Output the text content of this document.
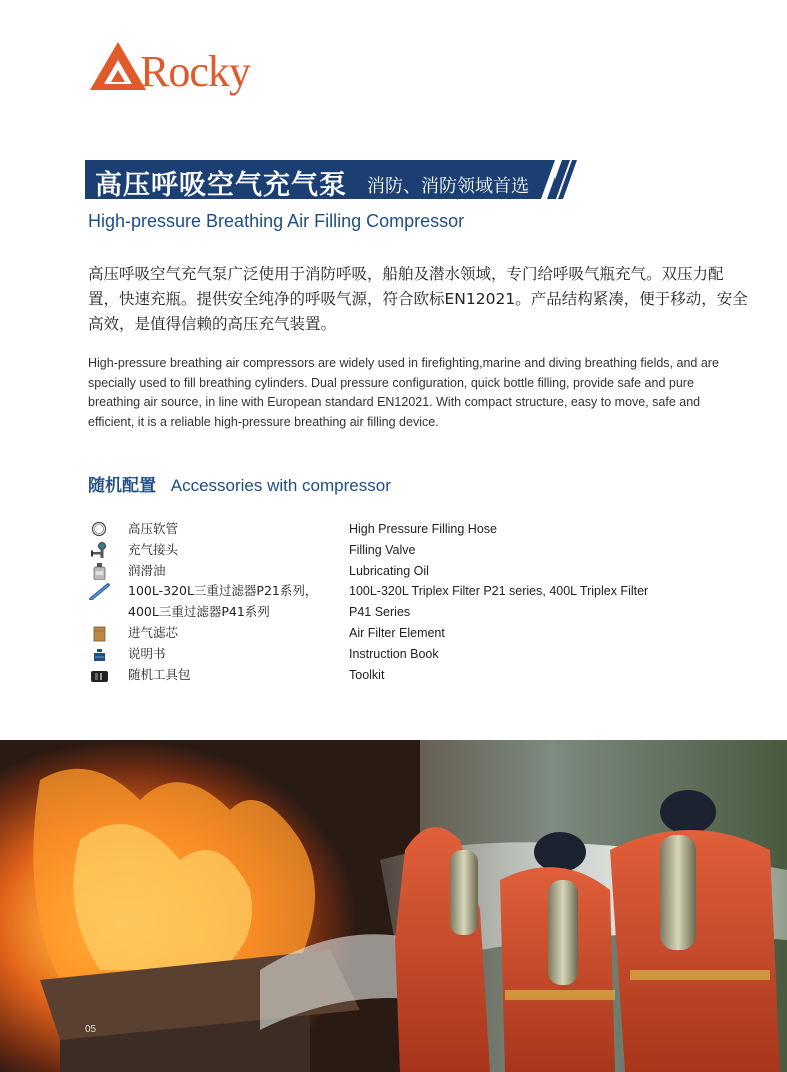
Rocky
高压呼吸空气充气泵 消防、消防领域首选
High-pressure Breathing Air Filling Compressor

高压呼吸空气充气泵广泛使用于消防呼吸，船舶及潜水领域，专门给呼吸气瓶充气。双压力配置，快速充瓶。提供安全纯净的呼吸气源，符合欧标EN12021。产品结构紧凑，便于移动，安全高效，是值得信赖的高压充气装置。

High-pressure breathing air compressors are widely used in firefighting,marine and diving breathing fields, and are specially used to fill breathing cylinders. Dual pressure configuration, quick bottle filling, provide safe and pure breathing air source, in line with European standard EN12021. With compact structure, easy to move, safe and efficient, it is a reliable high-pressure breathing air filling device.

随机配置 Accessories with compressor
高压软管	High Pressure Filling Hose
充气接头	Filling Valve
润滑油	Lubricating Oil
100L-320L三重过滤器P21系列，	100L-320L Triplex Filter P21 series, 400L Triplex Filter
400L三重过滤器P41系列	P41 Series
进气滤芯	Air Filter Element
说明书	Instruction Book
随机工具包	Toolkit
05
